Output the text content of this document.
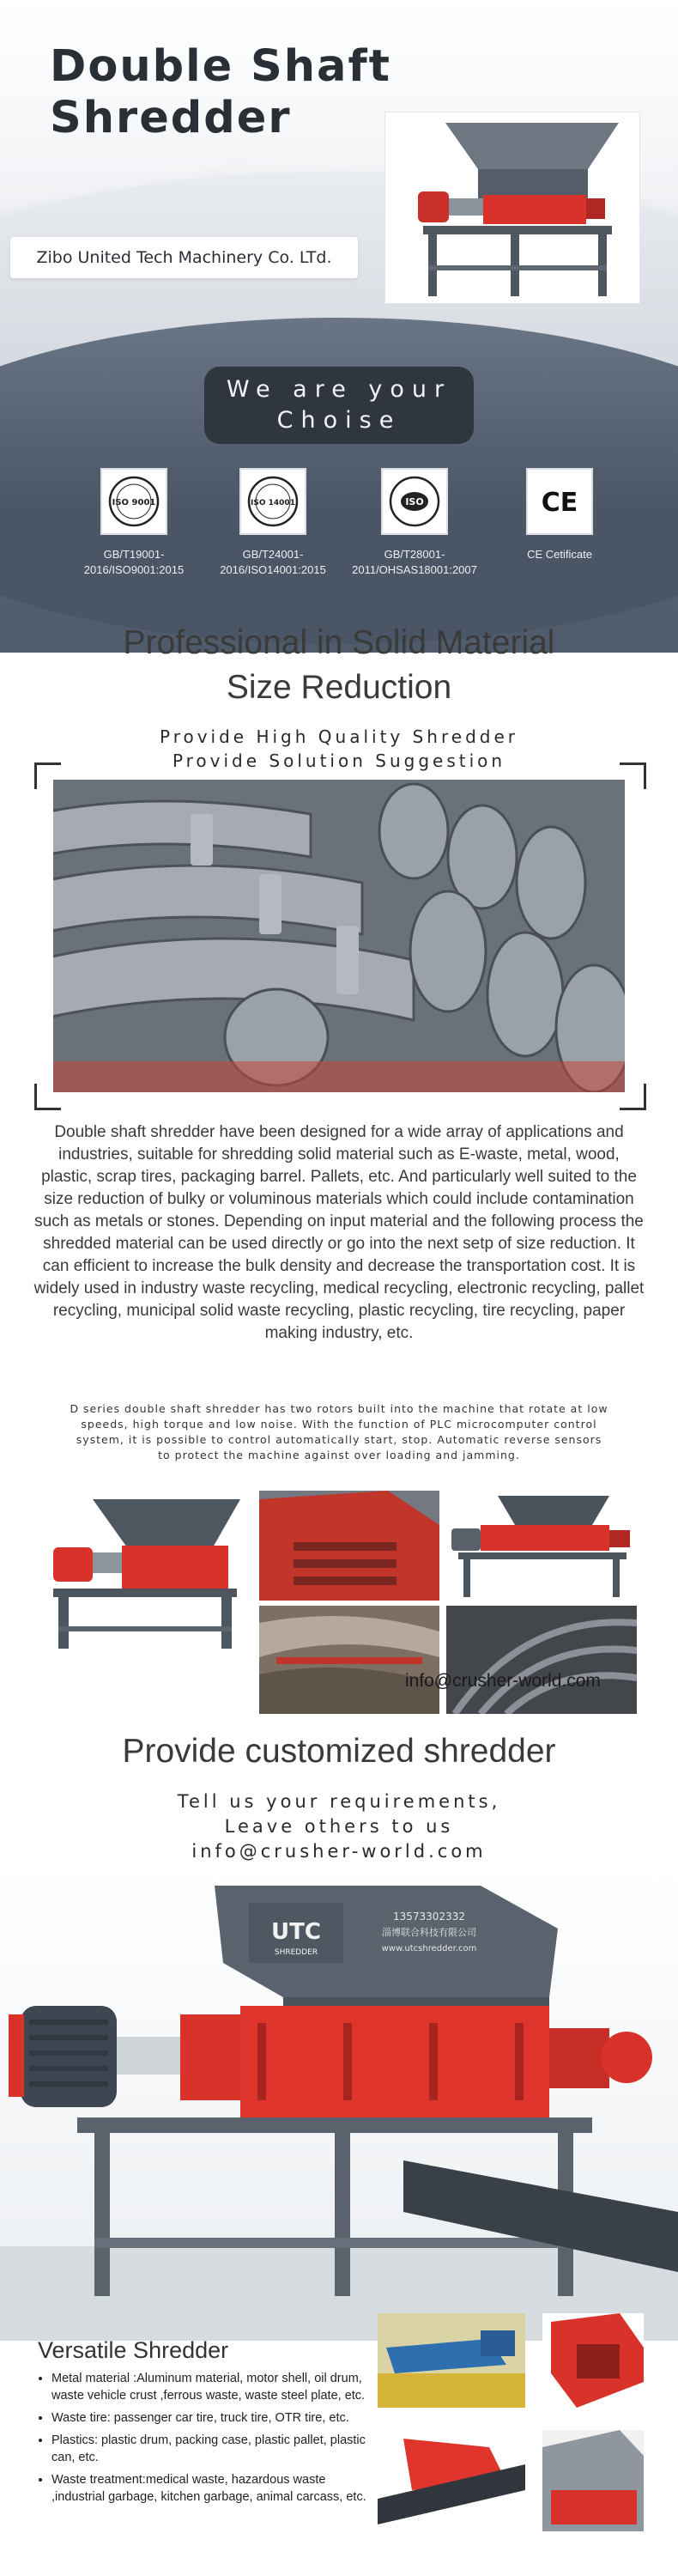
Double Shaft
Shredder
Zibo United Tech Machinery Co. LTd.
We are your
Choise
ISO 9001
GB/T19001-2016/ISO9001:2015
ISO 14001
GB/T24001-2016/ISO14001:2015
ISO
GB/T28001-2011/OHSAS18001:2007
CE
CE Cetificate
Professional in Solid Material
Size Reduction
Provide High Quality Shredder
Provide Solution Suggestion

Double shaft shredder have been designed for a wide array of applications and industries, suitable for shredding solid material such as E-waste, metal, wood, plastic, scrap tires, packaging barrel. Pallets, etc. And particularly well suited to the size reduction of bulky or voluminous materials which could include contamination such as metals or stones. Depending on input material and the following process the shredded material can be used directly or go into the next setp of size reduction. It can efficient to increase the bulk density and decrease the transportation cost. It is widely used in industry waste recycling, medical recycling, electronic recycling, pallet recycling, municipal solid waste recycling, plastic recycling, tire recycling, paper making industry, etc.

D series double shaft shredder has two rotors built into the machine that rotate at low speeds, high torque and low noise. With the function of PLC microcomputer control system, it is possible to control automatically start, stop. Automatic reverse sensors to protect the machine against over loading and jamming.

info@crusher-world.com
Provide customized shredder
Tell us your requirements,
Leave others to us
info@crusher-world.com
UTC
SHREDDER
13573302332
淄博联合科技有限公司
www.utcshredder.com
Versatile Shredder
• Metal material :Aluminum material, motor shell, oil drum, waste vehicle crust ,ferrous waste, waste steel plate, etc.
• Waste tire: passenger car tire, truck tire, OTR tire, etc.
• Plastics: plastic drum, packing case, plastic pallet, plastic can, etc.
• Waste treatment:medical waste, hazardous waste ,industrial garbage, kitchen garbage, animal carcass, etc.
